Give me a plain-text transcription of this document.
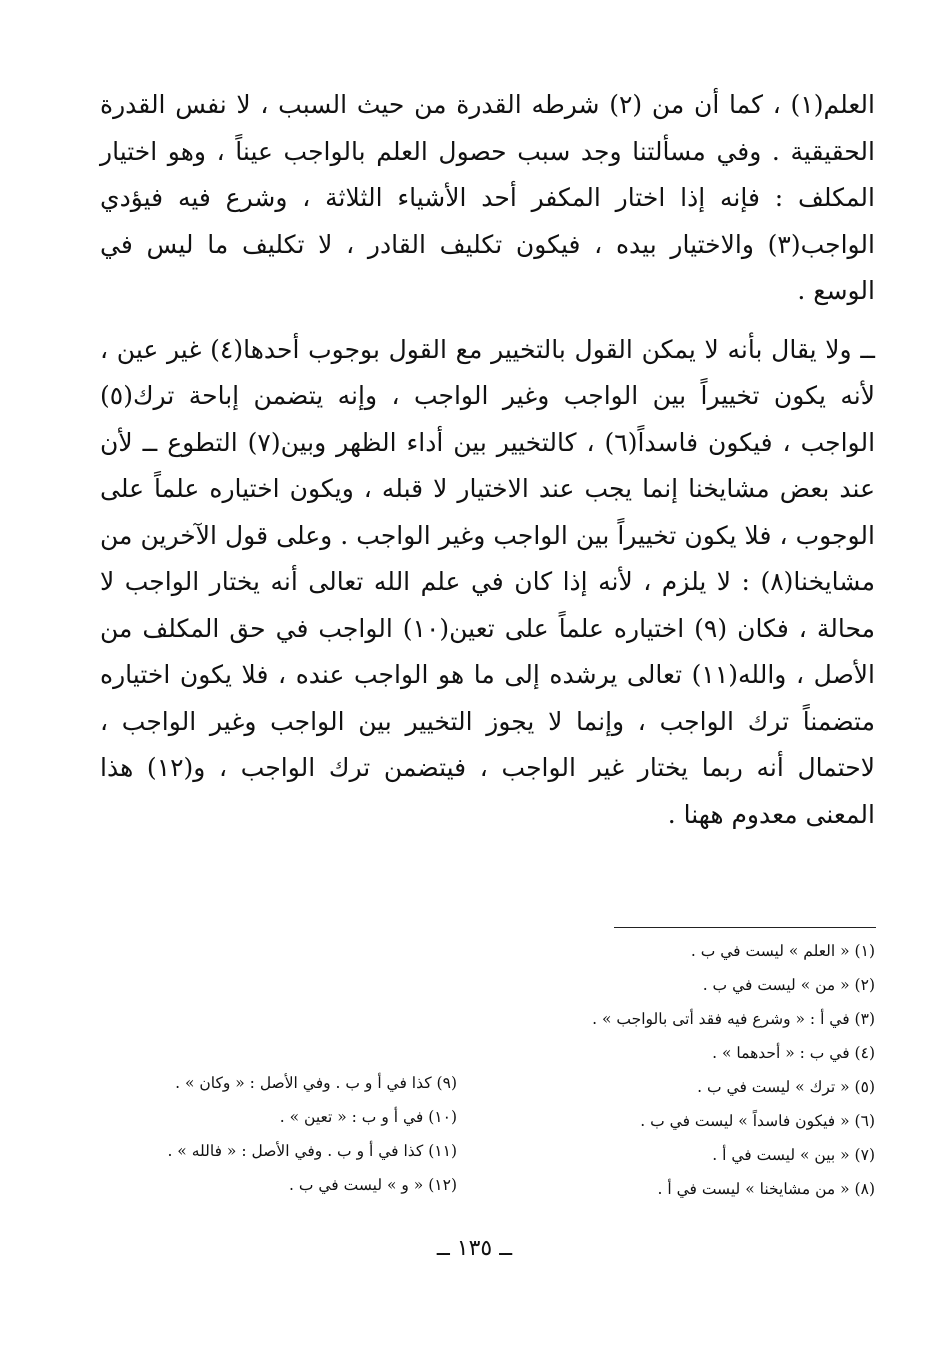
العلم(١) ، كما أن من (٢) شرطه القدرة من حيث السبب ، لا نفس القدرة الحقيقية . وفي مسألتنا وجد سبب حصول العلم بالواجب عيناً ، وهو اختيار المكلف : فإنه إذا اختار المكفر أحد الأشياء الثلاثة ، وشرع فيه فيؤدي الواجب(٣) والاختيار بيده ، فيكون تكليف القادر ، لا تكليف ما ليس في الوسع .

ــ ولا يقال بأنه لا يمكن القول بالتخيير مع القول بوجوب أحدها(٤) غير عين ، لأنه يكون تخييراً بين الواجب وغير الواجب ، وإنه يتضمن إباحة ترك(٥) الواجب ، فيكون فاسداً(٦) ، كالتخيير بين أداء الظهر وبين(٧) التطوع ــ لأن عند بعض مشايخنا إنما يجب عند الاختيار لا قبله ، ويكون اختياره علماً على الوجوب ، فلا يكون تخييراً بين الواجب وغير الواجب . وعلى قول الآخرين من مشايخنا(٨) : لا يلزم ، لأنه إذا كان في علم الله تعالى أنه يختار الواجب لا محالة ، فكان (٩) اختياره علماً على تعين(١٠) الواجب في حق المكلف من الأصل ، والله(١١) تعالى يرشده إلى ما هو الواجب عنده ، فلا يكون اختياره متضمناً ترك الواجب ، وإنما لا يجوز التخيير بين الواجب وغير الواجب ، لاحتمال أنه ربما يختار غير الواجب ، فيتضمن ترك الواجب ، و(١٢) هذا المعنى معدوم ههنا .

(١) « العلم » ليست في ب .
(٢) « من » ليست في ب .
(٣) في أ : « وشرع فيه فقد أتى بالواجب » .
(٤) في ب : « أحدهما » .
(٥) « ترك » ليست في ب .
(٦) « فيكون فاسداً » ليست في ب .
(٧) « بين » ليست في أ .
(٨) « من مشايخنا » ليست في أ .
(٩) كذا في أ و ب . وفي الأصل : « وكان » .
(١٠) في أ و ب : « تعين » .
(١١) كذا في أ و ب . وفي الأصل : « فالله » .
(١٢) « و » ليست في ب .
ــ ١٣٥ ــ
